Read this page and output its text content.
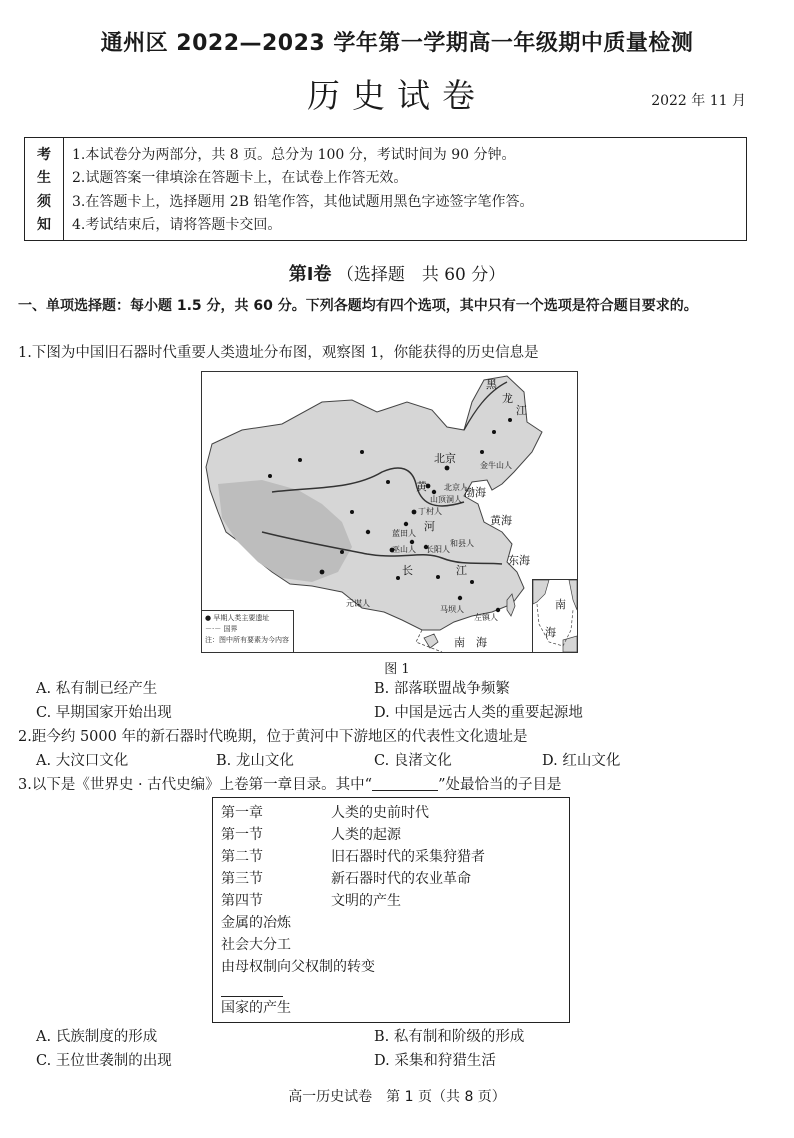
通州区 2022—2023 学年第一学期高一年级期中质量检测
历史试卷	2022 年 11 月
考
生
须
知
1.本试卷分为两部分，共 8 页。总分为 100 分，考试时间为 90 分钟。
2.试题答案一律填涂在答题卡上，在试卷上作答无效。
3.在答题卡上，选择题用 2B 铅笔作答，其他试题用黑色字迹签字笔作答。
4.考试结束后，请将答题卡交回。
第Ⅰ卷 （选择题　共 60 分）
一、单项选择题：每小题 1.5 分，共 60 分。下列各题均有四个选项，其中只有一个选项是符合题目要求的。
1.下图为中国旧石器时代重要人类遗址分布图，观察图 1，你能获得的历史信息是
黑
龙
江
北京
金牛山人
北京人
山顶洞人
渤海
黄
丁村人
河	黄海
蓝田人
和县人
巫山人 长阳人
长	江
东海
元谋人
马坝人
左镇人
南　海
● 早期人类主要遗址
－·－ 国界
注：图中所有要素为今内容
南
海
图 1
A. 私有制已经产生	B. 部落联盟战争频繁
C. 早期国家开始出现	D. 中国是远古人类的重要起源地
2.距今约 5000 年的新石器时代晚期，位于黄河中下游地区的代表性文化遗址是
A. 大汶口文化	B. 龙山文化	C. 良渚文化	D. 红山文化
3.以下是《世界史 · 古代史编》上卷第一章目录。其中“	”处最恰当的子目是
第一章	人类的史前时代
第一节	人类的起源
第二节	旧石器时代的采集狩猎者
第三节	新石器时代的农业革命
第四节	文明的产生
金属的冶炼
社会大分工
由母权制向父权制的转变
国家的产生
A. 氏族制度的形成	B. 私有制和阶级的形成
C. 王位世袭制的出现	D. 采集和狩猎生活
高一历史试卷　第 1 页（共 8 页）
